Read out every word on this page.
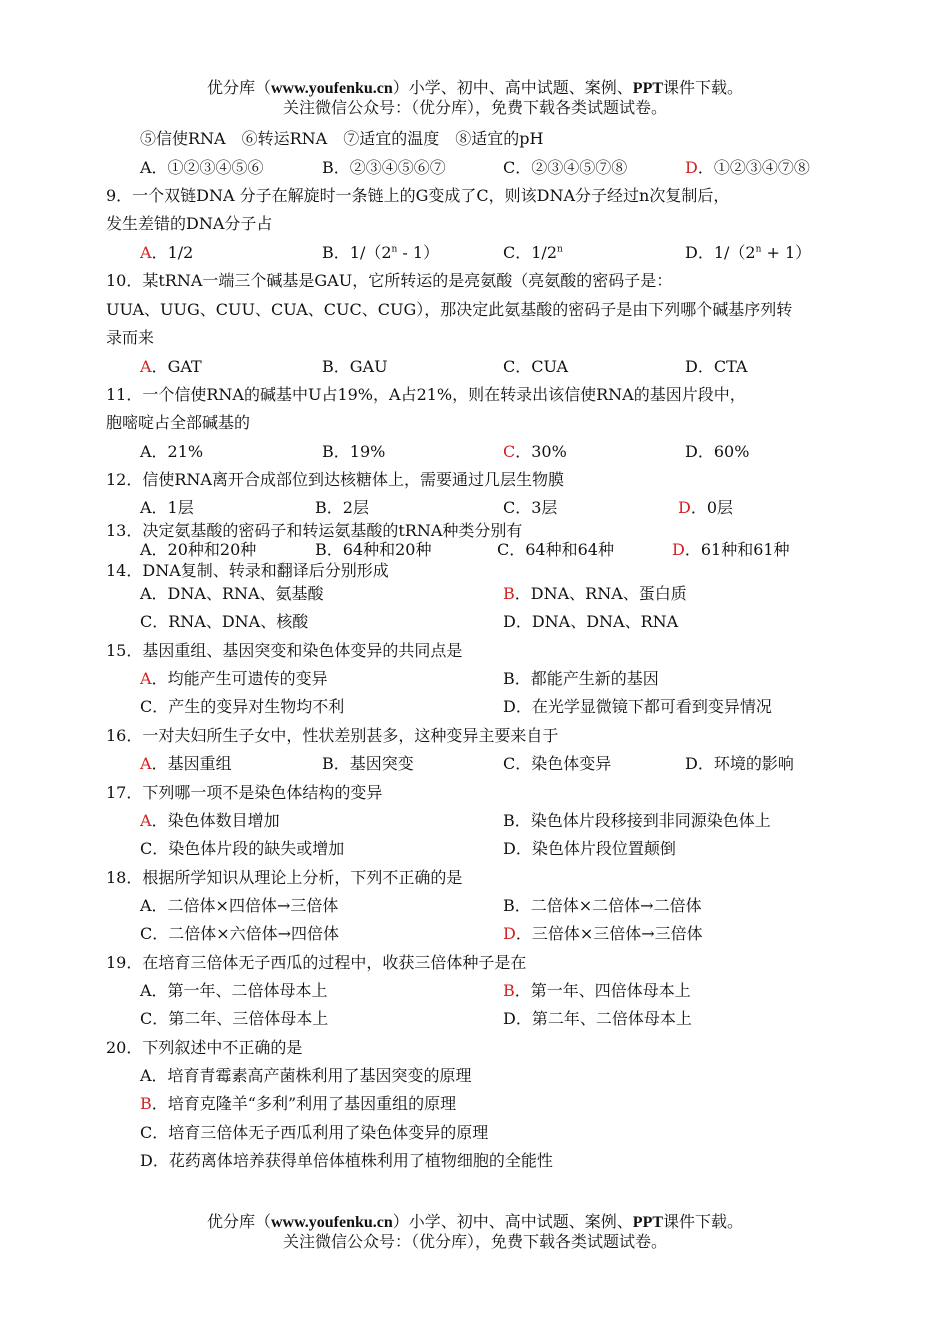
优分库（www.youfenku.cn）小学、初中、高中试题、案例、PPT课件下载。
关注微信公众号：（优分库），免费下载各类试题试卷。
⑤信使RNA　⑥转运RNA　⑦适宜的温度　⑧适宜的pH
A．①②③④⑤⑥	B．②③④⑤⑥⑦	C．②③④⑤⑦⑧	D．①②③④⑦⑧
9．一个双链DNA 分子在解旋时一条链上的G变成了C，则该DNA分子经过n次复制后，
发生差错的DNA分子占
A．1/2	B．1/（2$^n$ - 1）	C．1/2$^n$	D．$1/(2^n + 1)$
10．某tRNA一端三个碱基是GAU，它所转运的是亮氨酸（亮氨酸的密码子是：
UUA、UUG、CUU、CUA、CUC、CUG），那决定此氨基酸的密码子是由下列哪个碱基序列转
录而来
A．GAT	B．GAU	C．CUA	D．CTA
11．一个信使RNA的碱基中U占19%，A占21%，则在转录出该信使RNA的基因片段中，
胞嘧啶占全部碱基的
A．21%	B．19%	C．30%	D．60%
12．信使RNA离开合成部位到达核糖体上，需要通过几层生物膜
A．1层	B．2层	C．3层	D．0层
13．决定氨基酸的密码子和转运氨基酸的tRNA种类分别有
A．20种和20种	B．64种和20种	C．64种和64种	D．61种和61种
14．DNA复制、转录和翻译后分别形成
A．DNA、RNA、氨基酸	B．DNA、RNA、蛋白质
C．RNA、DNA、核酸	D．DNA、DNA、RNA
15．基因重组、基因突变和染色体变异的共同点是
A．均能产生可遗传的变异	B．都能产生新的基因
C．产生的变异对生物均不利	D．在光学显微镜下都可看到变异情况
16．一对夫妇所生子女中，性状差别甚多，这种变异主要来自于
A．基因重组	B．基因突变	C．染色体变异	D．环境的影响
17．下列哪一项不是染色体结构的变异
A．染色体数目增加	B．染色体片段移接到非同源染色体上
C．染色体片段的缺失或增加	D．染色体片段位置颠倒
18．根据所学知识从理论上分析，下列不正确的是
A．二倍体×四倍体→三倍体	B．二倍体×二倍体→二倍体
C．二倍体×六倍体→四倍体	D．三倍体×三倍体→三倍体
19．在培育三倍体无子西瓜的过程中，收获三倍体种子是在
A．第一年、二倍体母本上	B．第一年、四倍体母本上
C．第二年、三倍体母本上	D．第二年、二倍体母本上
20．下列叙述中不正确的是
A．培育青霉素高产菌株利用了基因突变的原理
B．培育克隆羊“多利”利用了基因重组的原理
C．培育三倍体无子西瓜利用了染色体变异的原理
D．花药离体培养获得单倍体植株利用了植物细胞的全能性
优分库（www.youfenku.cn）小学、初中、高中试题、案例、PPT课件下载。
关注微信公众号：（优分库），免费下载各类试题试卷。
